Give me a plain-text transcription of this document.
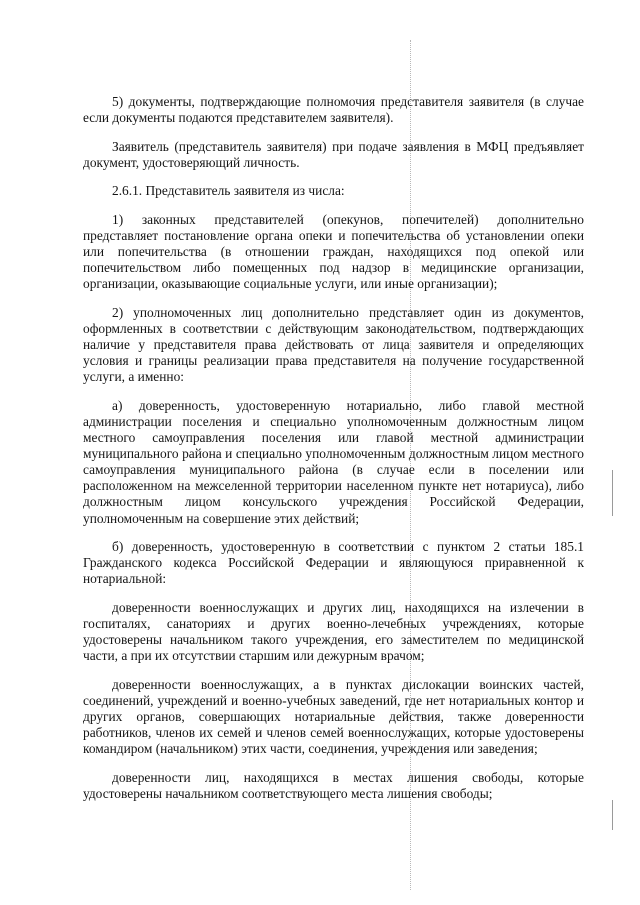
5) документы, подтверждающие полномочия представителя заявителя (в случае если документы подаются представителем заявителя).

Заявитель (представитель заявителя) при подаче заявления в МФЦ предъявляет документ, удостоверяющий личность.

2.6.1. Представитель заявителя из числа:

1) законных представителей (опекунов, попечителей) дополнительно представляет постановление органа опеки и попечительства об установлении опеки или попечительства (в отношении граждан, находящихся под опекой или попечительством либо помещенных под надзор в медицинские организации, организации, оказывающие социальные услуги, или иные организации);

2) уполномоченных лиц дополнительно представляет один из документов, оформленных в соответствии с действующим законодательством, подтверждающих наличие у представителя права действовать от лица заявителя и определяющих условия и границы реализации права представителя на получение государственной услуги, а именно:

а) доверенность, удостоверенную нотариально, либо главой местной администрации поселения и специально уполномоченным должностным лицом местного самоуправления поселения или главой местной администрации муниципального района и специально уполномоченным должностным лицом местного самоуправления муниципального района (в случае если в поселении или расположенном на межселенной территории населенном пункте нет нотариуса), либо должностным лицом консульского учреждения Российской Федерации, уполномоченным на совершение этих действий;

б) доверенность, удостоверенную в соответствии с пунктом 2 статьи 185.1 Гражданского кодекса Российской Федерации и являющуюся приравненной к нотариальной:

доверенности военнослужащих и других лиц, находящихся на излечении в госпиталях, санаториях и других военно-лечебных учреждениях, которые удостоверены начальником такого учреждения, его заместителем по медицинской части, а при их отсутствии старшим или дежурным врачом;

доверенности военнослужащих, а в пунктах дислокации воинских частей, соединений, учреждений и военно-учебных заведений, где нет нотариальных контор и других органов, совершающих нотариальные действия, также доверенности работников, членов их семей и членов семей военнослужащих, которые удостоверены командиром (начальником) этих части, соединения, учреждения или заведения;

доверенности лиц, находящихся в местах лишения свободы, которые удостоверены начальником соответствующего места лишения свободы;
